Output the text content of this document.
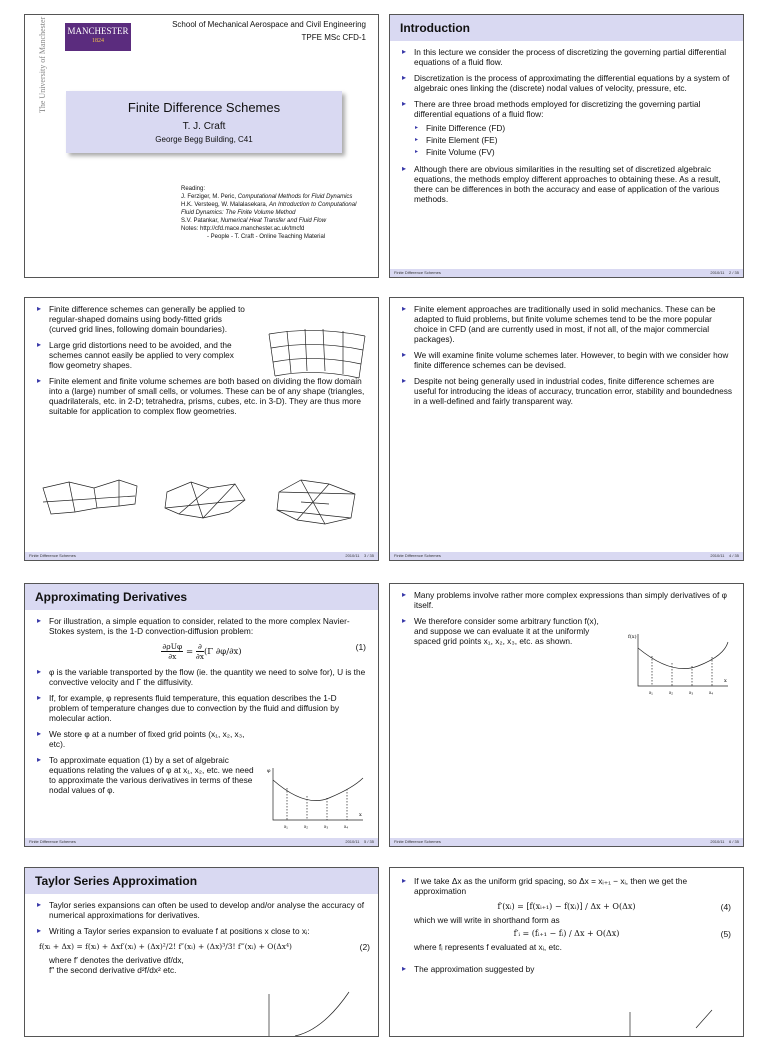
MANCHESTER
1824
The University of Manchester	School of Mechanical Aerospace and Civil Engineering
TPFE MSc CFD-1
Finite Difference Schemes
T. J. Craft
George Begg Building, C41
Reading:
J. Ferziger, M. Peric, Computational Methods for Fluid Dynamics
H.K. Versteeg, W. Malalasekara, An Introduction to Computational Fluid Dynamics: The Finite Volume Method
S.V. Patankar, Numerical Heat Transfer and Fluid Flow
Notes: http://cfd.mace.manchester.ac.uk/tmcfd
- People - T. Craft - Online Teaching Material
Introduction
▸ In this lecture we consider the process of discretizing the governing partial differential equations of a fluid flow.
▸ Discretization is the process of approximating the differential equations by a system of algebraic ones linking the (discrete) nodal values of velocity, pressure, etc.
▸ There are three broad methods employed for discretizing the governing partial differential equations of a fluid flow:
▸ Finite Difference (FD)
▸ Finite Element (FE)
▸ Finite Volume (FV)
▸ Although there are obvious similarities in the resulting set of discretized algebraic equations, the methods employ different approaches to obtaining these. As a result, there can be differences in both the accuracy and ease of application of the various methods.
Finite Difference Schemes	2010/11 2 / 35
▸ Finite difference schemes can generally be applied to regular-shaped domains using body-fitted grids (curved grid lines, following domain boundaries).
▸ Large grid distortions need to be avoided, and the schemes cannot easily be applied to very complex flow geometry shapes.
▸ Finite element and finite volume schemes are both based on dividing the flow domain into a (large) number of small cells, or volumes. These can be of any shape (triangles, quadrilaterals, etc. in 2-D; tetrahedra, prisms, cubes, etc. in 3-D). They are thus more suitable for application to complex flow geometries.
Finite Difference Schemes	2010/11 3 / 35
▸ Finite element approaches are traditionally used in solid mechanics. These can be adapted to fluid problems, but finite volume schemes tend to be the more popular choice in CFD (and are currently used in most, if not all, of the major commercial packages).
▸ We will examine finite volume schemes later. However, to begin with we consider how finite difference schemes can be devised.
▸ Despite not being generally used in industrial codes, finite difference schemes are useful for introducing the ideas of accuracy, truncation error, stability and boundedness in a well-defined and fairly transparent way.
Finite Difference Schemes	2010/11 4 / 35
Approximating Derivatives
▸ For illustration, a simple equation to consider, related to the more complex Navier-Stokes system, is the 1-D convection-diffusion problem:
$\frac{\text{∂ρUφ}}{\partial x} = \frac{\partial}{\partial x} (\Gamma$ ∂φ/∂x)	(1)
▸ φ is the variable transported by the flow (ie. the quantity we need to solve for), U is the convective velocity and Γ the diffusivity.
▸ If, for example, φ represents fluid temperature, this equation describes the 1-D problem of temperature changes due to convection by the fluid and diffusion by molecular action.
▸ We store φ at a number of fixed grid points (x₁, x₂, x₃, etc).
▸ To approximate equation (1) by a set of algebraic equations relating the values of φ at x₁, x₂, etc. we need to approximate the various derivatives in terms of these nodal values of φ.
φ
x
x₁	x₂	x₃	x₄
Finite Difference Schemes	2010/11 5 / 35
▸ Many problems involve rather more complex expressions than simply derivatives of φ itself.
▸ We therefore consider some arbitrary function f(x), and suppose we can evaluate it at the uniformly spaced grid points x₁, x₂, x₃, etc. as shown.	f(x)
x
x₁	x₂	x₃	x₄
Finite Difference Schemes	2010/11 6 / 35
Taylor Series Approximation
▸ Taylor series expansions can often be used to develop and/or analyse the accuracy of numerical approximations for derivatives.
▸ Writing a Taylor series expansion to evaluate f at positions x close to xᵢ:
f(xᵢ + Δx) = f(xᵢ) + Δxf′(xᵢ) + (Δx)²/2! f″(xᵢ) + (Δx)³/3! f‴(xᵢ) + O(Δx⁴)	(2)
where f′ denotes the derivative df/dx,
f″ the second derivative d²f/dx² etc.
▸ If we take Δx as the uniform grid spacing, so Δx = xᵢ₊₁ − xᵢ, then we get the approximation
f′(xᵢ) = [f(xᵢ₊₁) − f(xᵢ)] / Δx + O(Δx)	(4)
which we will write in shorthand form as
f′ᵢ = (fᵢ₊₁ − fᵢ) / Δx + O(Δx)	(5)
where fᵢ represents f evaluated at xᵢ, etc.
▸ The approximation suggested by
